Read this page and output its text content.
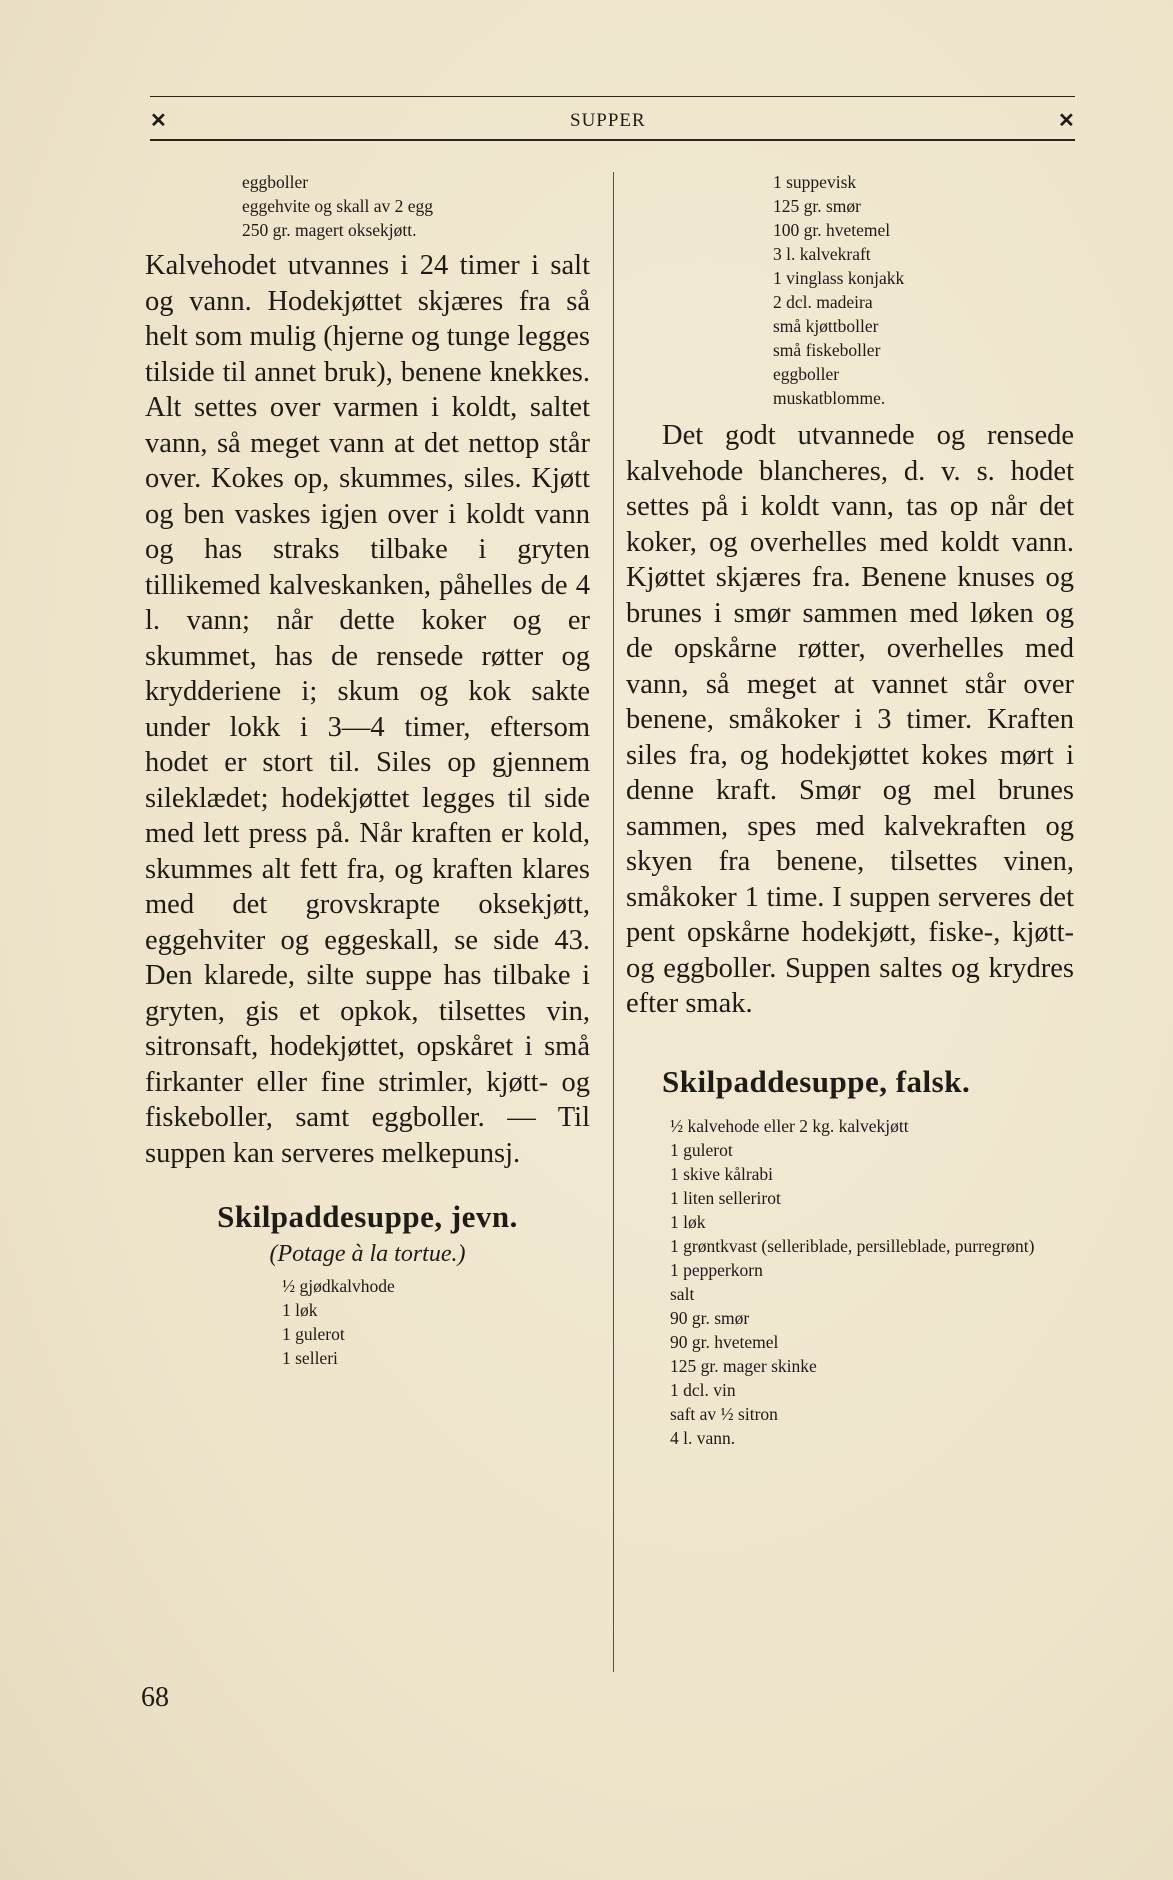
✕	SUPPER	✕
eggboller
eggehvite og skall av 2 egg
250 gr. magert oksekjøtt.

Kalvehodet utvannes i 24 timer i salt og vann. Hodekjøttet skjæres fra så helt som mulig (hjerne og tunge legges tilside til annet bruk), benene knekkes. Alt settes over varmen i koldt, saltet vann, så meget vann at det nettop står over. Kokes op, skummes, siles. Kjøtt og ben vaskes igjen over i koldt vann og has straks tilbake i gryten tillikemed kalveskanken, påhelles de 4 l. vann; når dette koker og er skummet, has de rensede røtter og krydderiene i; skum og kok sakte under lokk i 3—4 timer, eftersom hodet er stort til. Siles op gjennem sileklædet; hodekjøttet legges til side med lett press på. Når kraften er kold, skummes alt fett fra, og kraften klares med det grovskrapte oksekjøtt, eggehviter og eggeskall, se side 43. Den klarede, silte suppe has tilbake i gryten, gis et opkok, tilsettes vin, sitronsaft, hodekjøttet, opskåret i små firkanter eller fine strimler, kjøtt- og fiskeboller, samt eggboller. — Til suppen kan serveres melkepunsj.

Skilpaddesuppe, jevn.

(Potage à la tortue.)

½ gjødkalvhode
1 løk
1 gulerot
1 selleri
1 suppevisk
125 gr. smør
100 gr. hvetemel
3 l. kalvekraft
1 vinglass konjakk
2 dcl. madeira
små kjøttboller
små fiskeboller
eggboller
muskatblomme.

Det godt utvannede og rensede kalvehode blancheres, d. v. s. hodet settes på i koldt vann, tas op når det koker, og overhelles med koldt vann. Kjøttet skjæres fra. Benene knuses og brunes i smør sammen med løken og de opskårne røtter, overhelles med vann, så meget at vannet står over benene, småkoker i 3 timer. Kraften siles fra, og hodekjøttet kokes mørt i denne kraft. Smør og mel brunes sammen, spes med kalvekraften og skyen fra benene, tilsettes vinen, småkoker 1 time. I suppen serveres det pent opskårne hodekjøtt, fiske-, kjøtt- og eggboller. Suppen saltes og krydres efter smak.

Skilpaddesuppe, falsk.
½ kalvehode eller 2 kg. kalvekjøtt
1 gulerot
1 skive kålrabi
1 liten sellerirot
1 løk
1 grøntkvast (selleriblade, persilleblade, purregrønt)
1 pepperkorn
salt
90 gr. smør
90 gr. hvetemel
125 gr. mager skinke
1 dcl. vin
saft av ½ sitron
4 l. vann.
68
